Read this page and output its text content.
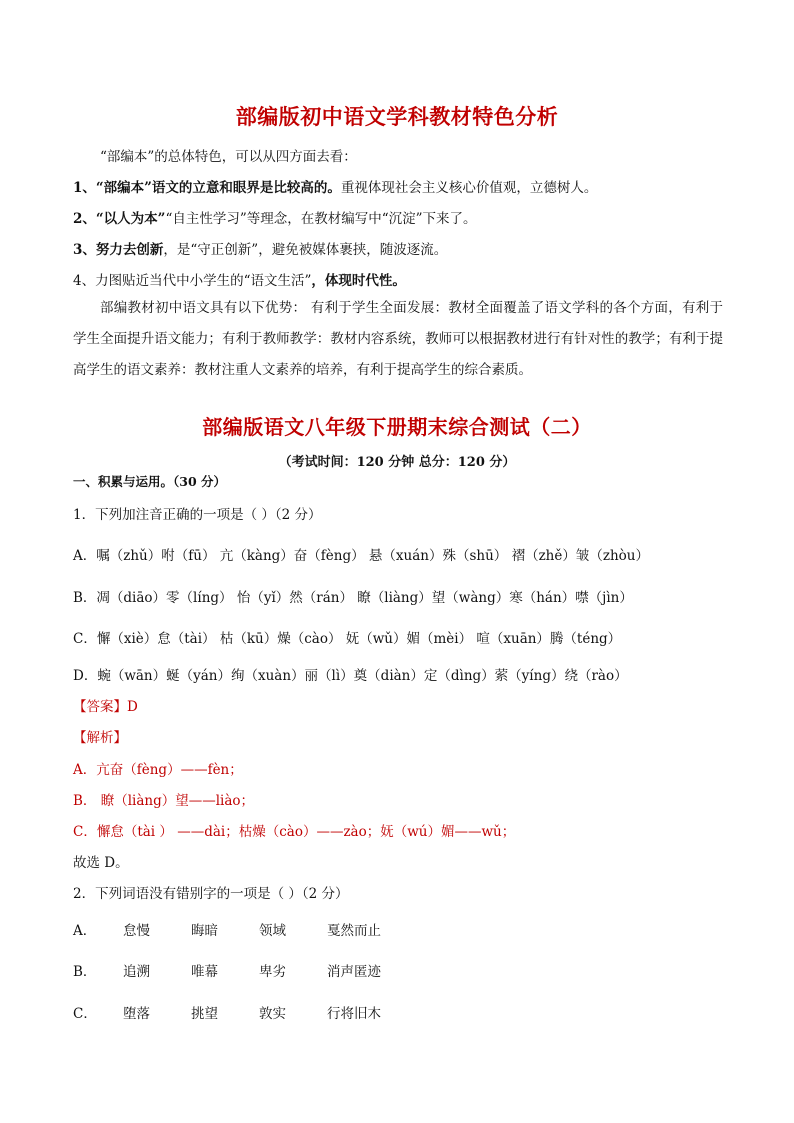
部编版初中语文学科教材特色分析
“部编本”的总体特色，可以从四方面去看：
1、“部编本”语文的立意和眼界是比较高的。重视体现社会主义核心价值观，立德树人。
2、“以人为本”“自主性学习”等理念，在教材编写中“沉淀”下来了。
3、努力去创新，是“守正创新”，避免被媒体裹挟，随波逐流。
4、力图贴近当代中小学生的“语文生活”，体现时代性。
部编教材初中语文具有以下优势： 有利于学生全面发展：教材全面覆盖了语文学科的各个方面，有利于学生全面提升语文能力；有利于教师教学：教材内容系统，教师可以根据教材进行有针对性的教学；有利于提高学生的语文素养：教材注重人文素养的培养，有利于提高学生的综合素质。
部编版语文八年级下册期末综合测试（二）
（考试时间：120 分钟 总分：120 分）
一、积累与运用。（30 分）
1．下列加注音正确的一项是（ ）（2 分）
A．嘱（zhǔ）咐（fū） 亢（kàng）奋（fèng） 悬（xuán）殊（shū） 褶（zhě）皱（zhòu）
B．凋（diāo）零（líng） 怡（yǐ）然（rán） 瞭（liàng）望（wàng）寒（hán）噤（jìn）
C．懈（xiè）怠（tài） 枯（kū）燥（cào） 妩（wǔ）媚（mèi） 喧（xuān）腾（téng）
D．蜿（wān）蜒（yán）绚（xuàn）丽（lì）奠（diàn）定（dìng）萦（yíng）绕（rào）
【答案】D
【解析】
A．亢奋（fèng）——fèn；
B． 瞭（liàng）望——liào；
C．懈怠（tài ） ——dài；枯燥（cào）——zào；妩（wú）媚——wǔ；
故选 D。
2．下列词语没有错别字的一项是（ ）（2 分）
A． 怠慢	晦暗	领域	戛然而止
B． 追溯	唯幕	卑劣	消声匿迹
C． 堕落	挑望	敦实	行将旧木
